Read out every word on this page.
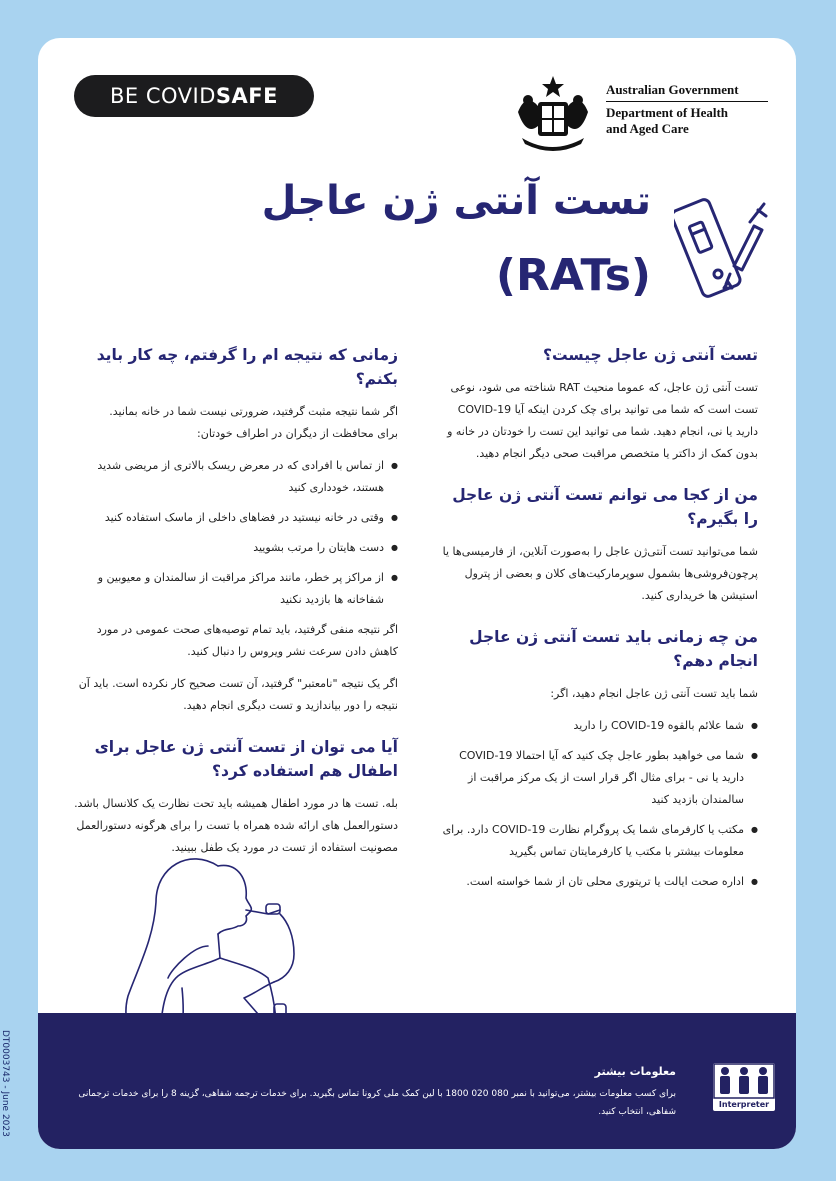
BE COVID SAFE	Australian Government
Department of Health
and Aged Care
تست آنتی ژن عاجل
(RATs)
تست آنتی ژن عاجل چیست؟

تست آنتی ژن عاجل، که عموما منحیث RAT شناخته می شود، نوعی تست است که شما می توانید برای چک کردن اینکه آیا COVID-19 دارید یا نی، انجام دهید. شما می توانید این تست را خودتان در خانه و بدون کمک از داکتر یا متخصص مراقبت صحی دیگر انجام دهید.

من از کجا می توانم تست آنتی ژن عاجل را بگیرم؟

شما می‌توانید تست آنتی‌ژن عاجل را به‌صورت آنلاین، از فارمیسی‌ها یا پرچون‌فروشی‌ها بشمول سوپرمارکیت‌های کلان و بعضی از پترول استیشن ها خریداری کنید.

من چه زمانی باید تست آنتی ژن عاجل انجام دهم؟

شما باید تست آنتی ژن عاجل انجام دهید، اگر:

● شما علائم بالقوه COVID-19 را دارید
● شما می خواهید بطور عاجل چک کنید که آیا احتمالا COVID-19 دارید یا نی - برای مثال اگر قرار است از یک مرکز مراقبت از سالمندان بازدید کنید
● مکتب یا کارفرمای شما یک پروگرام نظارت COVID-19 دارد. برای معلومات بیشتر با مکتب یا کارفرمایتان تماس بگیرید
● اداره صحت ایالت یا تریتوری محلی تان از شما خواسته است.
زمانی که نتیجه ام را گرفتم، چه کار باید بکنم؟

اگر شما نتیجه مثبت گرفتید، ضرورتی نیست شما در خانه بمانید.

برای محافظت از دیگران در اطراف خودتان:

● از تماس با افرادی که در معرض ریسک بالاتری از مریضی شدید هستند، خودداری کنید
● وقتی در خانه نیستید در فضاهای داخلی از ماسک استفاده کنید
● دست هایتان را مرتب بشویید
● از مراکز پر خطر، مانند مراکز مراقبت از سالمندان و معیوبین و شفاخانه ها بازدید نکنید

اگر نتیجه منفی گرفتید، باید تمام توصیه‌های صحت عمومی در مورد کاهش دادن سرعت نشر ویروس را دنبال کنید.

اگر یک نتیجه "نامعتبر" گرفتید، آن تست صحیح کار نکرده است. باید آن نتیجه را دور بیاندازید و تست دیگری انجام دهید.

آیا می توان از تست آنتی ژن عاجل برای اطفال هم استفاده کرد؟

بله. تست ها در مورد اطفال همیشه باید تحت نظارت یک کلانسال باشد. دستورالعمل های ارائه شده همراه با تست را برای هرگونه دستورالعمل مصونیت استفاده از تست در مورد یک طفل ببینید.

معلومات بیشتر
برای کسب معلومات بیشتر، می‌توانید با نمبر 080 020 1800 با لین کمک ملی کرونا تماس بگیرید. برای خدمات ترجمه شفاهی، گزینه 8 را برای خدمات ترجمانی شفاهی، انتخاب کنید.
Interpreter
DT0003743 - June 2023
